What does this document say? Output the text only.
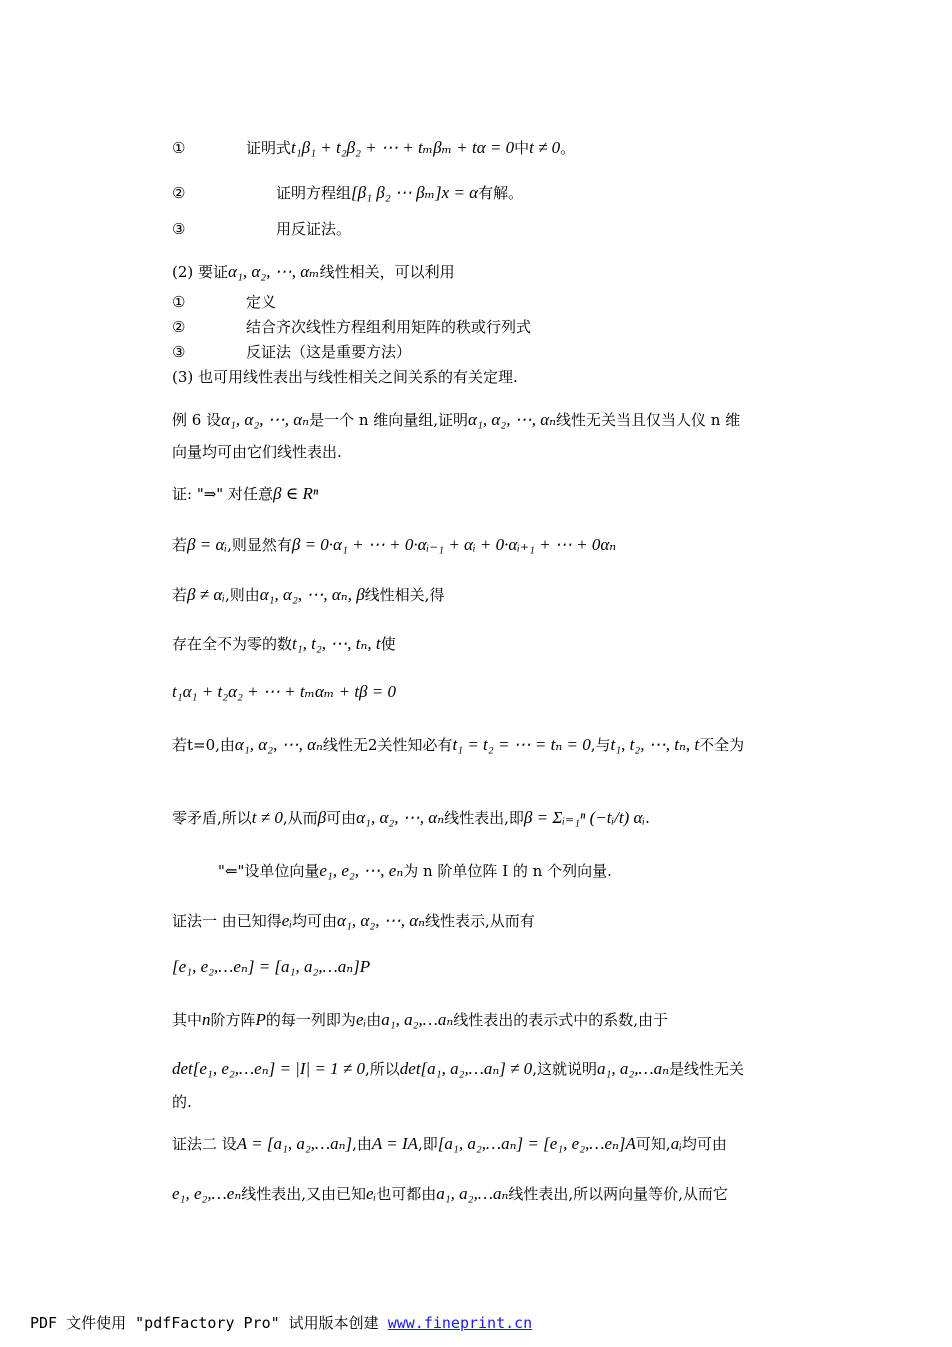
①	证明式t₁β₁ + t₂β₂ + ⋯ + tₘβₘ + tα = 0中t ≠ 0。
②	证明方程组[β₁ β₂ ⋯ βₘ]x = α有解。
③	用反证法。
(2) 要证α₁, α₂, ⋯, αₘ线性相关，可以利用
①	定义
②	结合齐次线性方程组利用矩阵的秩或行列式
③	反证法（这是重要方法）
(3) 也可用线性表出与线性相关之间关系的有关定理.
例 6 设α₁, α₂, ⋯, αₙ是一个 n 维向量组,证明α₁, α₂, ⋯, αₙ线性无关当且仅当人仪 n 维
向量均可由它们线性表出.
证: "⇒" 对任意β ∈ Rⁿ
若β = αᵢ,则显然有β = 0·α₁ + ⋯ + 0·αᵢ₋₁ + αᵢ + 0·αᵢ₊₁ + ⋯ + 0αₙ
若β ≠ αᵢ,则由α₁, α₂, ⋯, αₙ, β线性相关,得
存在全不为零的数t₁, t₂, ⋯, tₙ, t使
t₁α₁ + t₂α₂ + ⋯ + tₘαₘ + tβ = 0
若t=0,由α₁, α₂, ⋯, αₙ线性无2关性知必有t₁ = t₂ = ⋯ = tₙ = 0,与t₁, t₂, ⋯, tₙ, t不全为
零矛盾,所以t ≠ 0,从而β可由α₁, α₂, ⋯, αₙ线性表出,即β = Σᵢ₌₁ⁿ (−tᵢ/t) αᵢ.
"⇐"设单位向量e₁, e₂, ⋯, eₙ为 n 阶单位阵 I 的 n 个列向量.
证法一 由已知得eᵢ均可由α₁, α₂, ⋯, αₙ线性表示,从而有
[e₁, e₂,…eₙ] = [a₁, a₂,…aₙ]P
其中n阶方阵P的每一列即为eᵢ由a₁, a₂,…aₙ线性表出的表示式中的系数,由于
det[e₁, e₂,…eₙ] = |I| = 1 ≠ 0,所以det[a₁, a₂,…aₙ] ≠ 0,这就说明a₁, a₂,…aₙ是线性无关
的.
证法二 设A = [a₁, a₂,…aₙ],由A = IA,即[a₁, a₂,…aₙ] = [e₁, e₂,…eₙ]A可知,aᵢ均可由
e₁, e₂,…eₙ线性表出,又由已知eᵢ也可都由a₁, a₂,…aₙ线性表出,所以两向量等价,从而它
PDF 文件使用 "pdfFactory Pro" 试用版本创建 www.fineprint.cn
